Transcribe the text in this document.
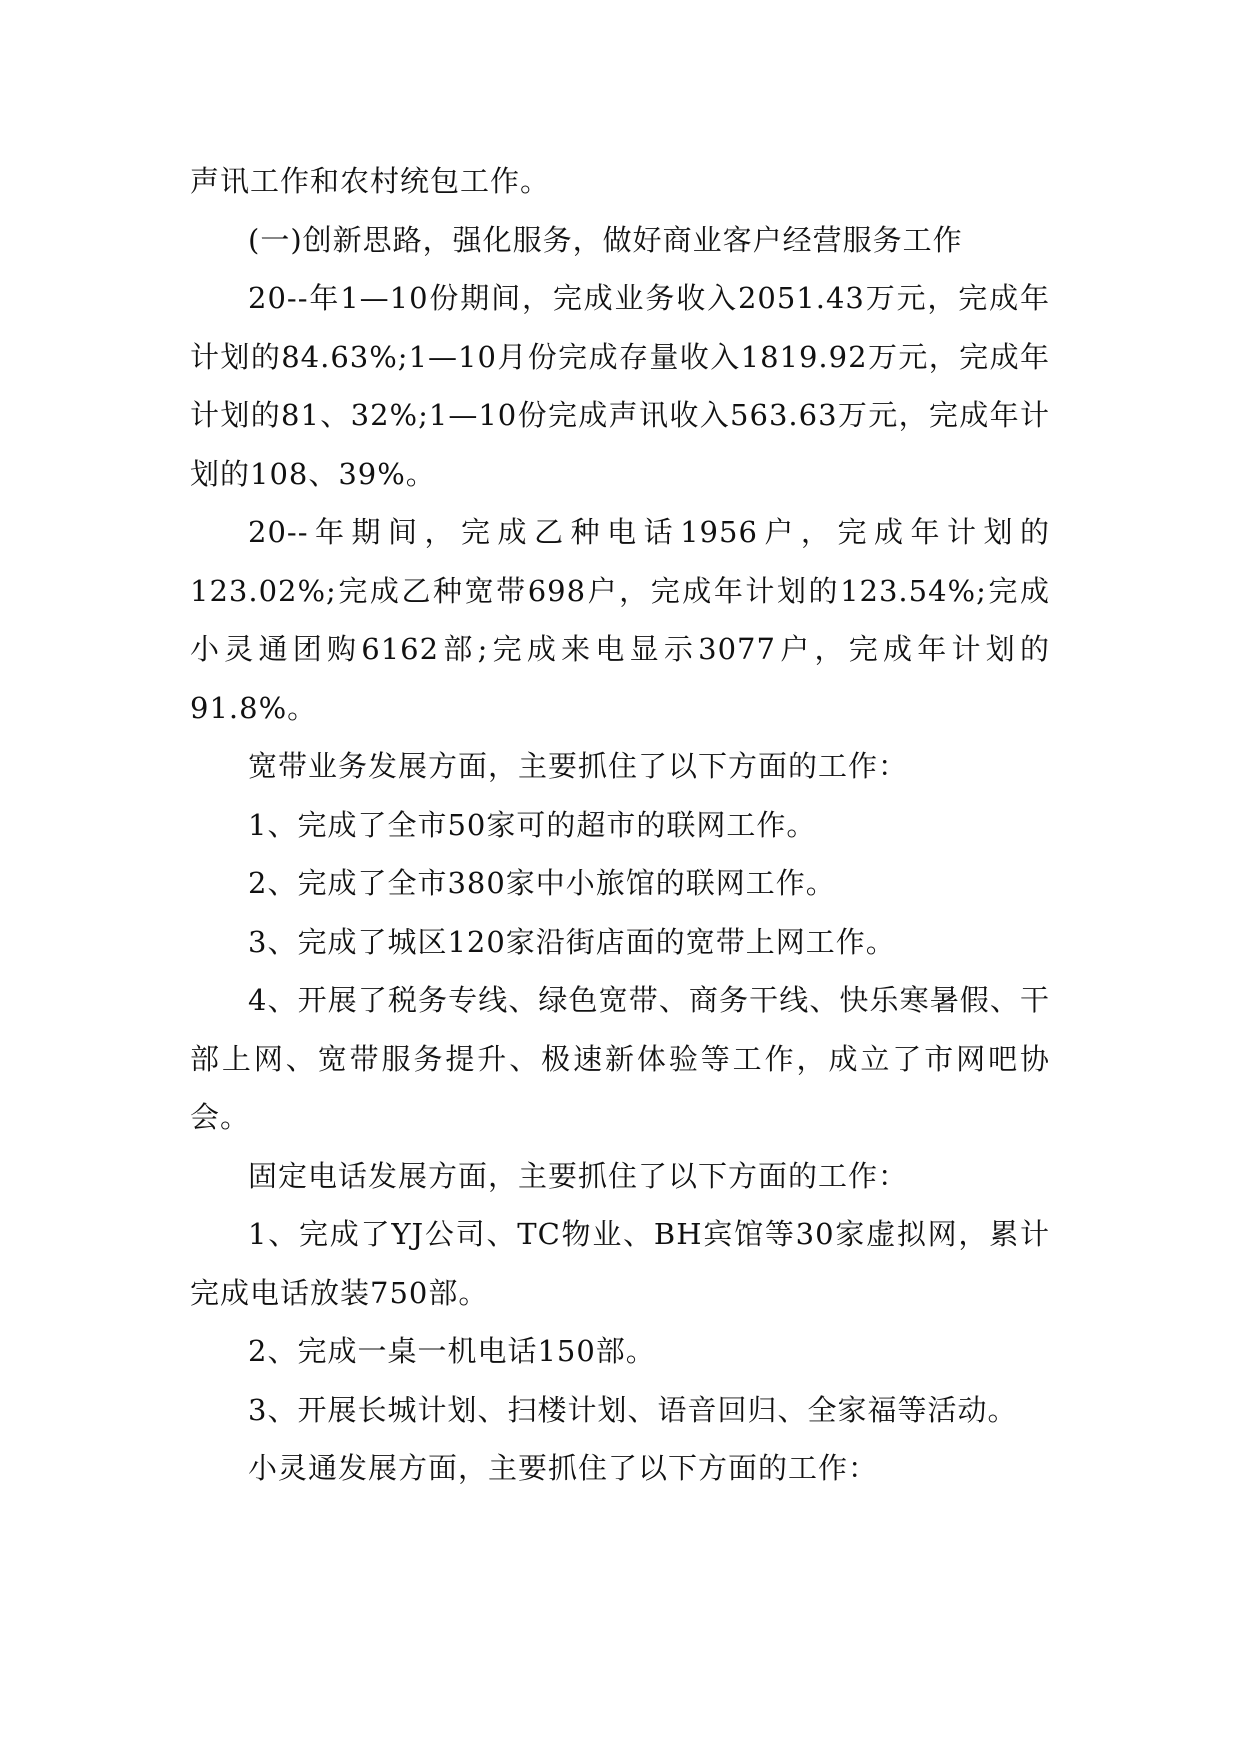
声讯工作和农村统包工作。

(一)创新思路，强化服务，做好商业客户经营服务工作

20--年1—10份期间，完成业务收入2051.43万元，完成年计划的84.63%;1—10月份完成存量收入1819.92万元，完成年计划的81、32%;1—10份完成声讯收入563.63万元，完成年计划的108、39%。

20--年期间，完成乙种电话1956户，完成年计划的123.02%;完成乙种宽带698户，完成年计划的123.54%;完成小灵通团购6162部;完成来电显示3077户，完成年计划的91.8%。

宽带业务发展方面，主要抓住了以下方面的工作：

1、完成了全市50家可的超市的联网工作。

2、完成了全市380家中小旅馆的联网工作。

3、完成了城区120家沿街店面的宽带上网工作。

4、开展了税务专线、绿色宽带、商务干线、快乐寒暑假、干部上网、宽带服务提升、极速新体验等工作，成立了市网吧协会。

固定电话发展方面，主要抓住了以下方面的工作：

1、完成了YJ公司、TC物业、BH宾馆等30家虚拟网，累计完成电话放装750部。

2、完成一桌一机电话150部。

3、开展长城计划、扫楼计划、语音回归、全家福等活动。

小灵通发展方面，主要抓住了以下方面的工作：
